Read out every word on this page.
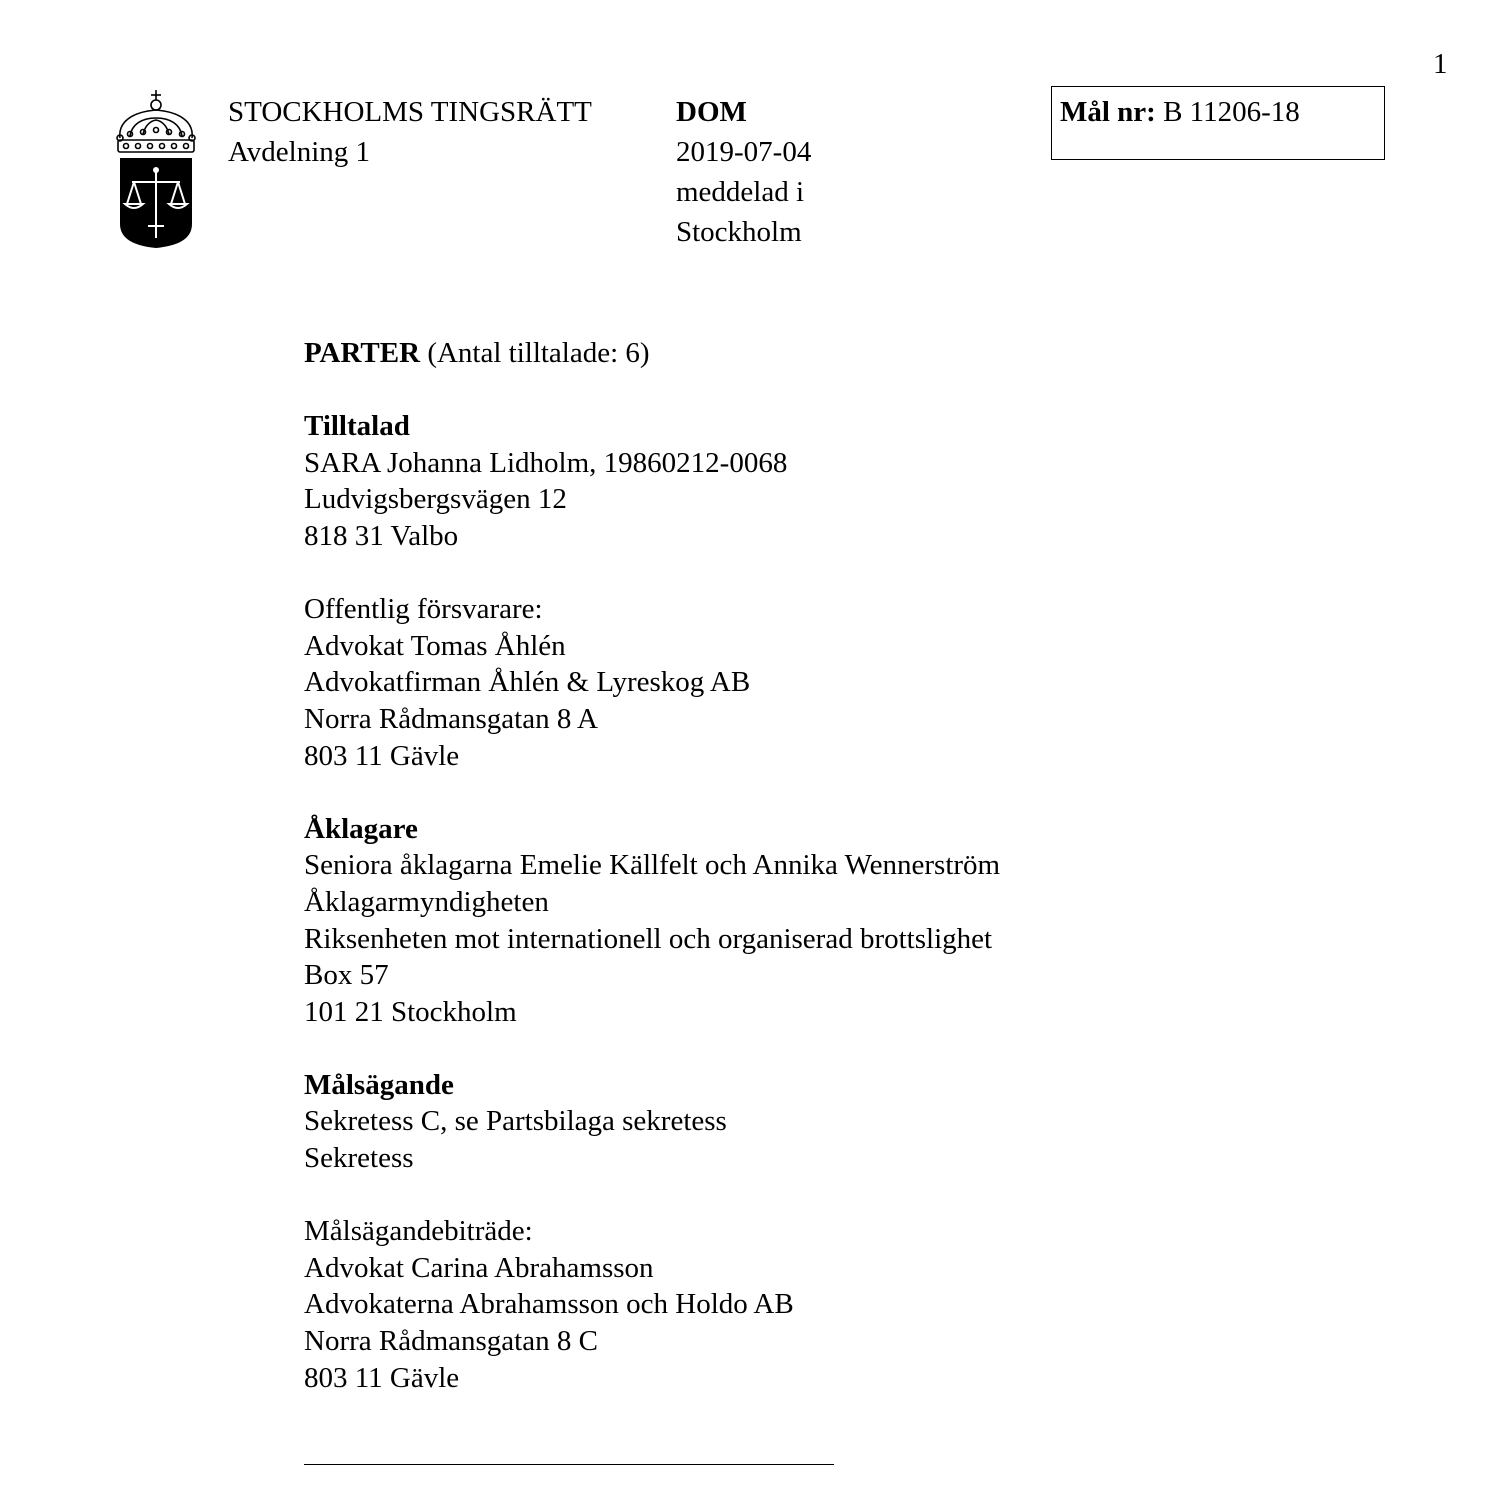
1
STOCKHOLMS TINGSRÄTT
Avdelning 1
DOM
2019-07-04
meddelad i
Stockholm
Mål nr: B 11206-18
PARTER (Antal tilltalade: 6)
Tilltalad
SARA Johanna Lidholm, 19860212-0068
Ludvigsbergsvägen 12
818 31 Valbo
Offentlig försvarare:
Advokat Tomas Åhlén
Advokatfirman Åhlén & Lyreskog AB
Norra Rådmansgatan 8 A
803 11 Gävle
Åklagare
Seniora åklagarna Emelie Källfelt och Annika Wennerström
Åklagarmyndigheten
Riksenheten mot internationell och organiserad brottslighet
Box 57
101 21 Stockholm
Målsägande
Sekretess C, se Partsbilaga sekretess
Sekretess
Målsägandebiträde:
Advokat Carina Abrahamsson
Advokaterna Abrahamsson och Holdo AB
Norra Rådmansgatan 8 C
803 11 Gävle
